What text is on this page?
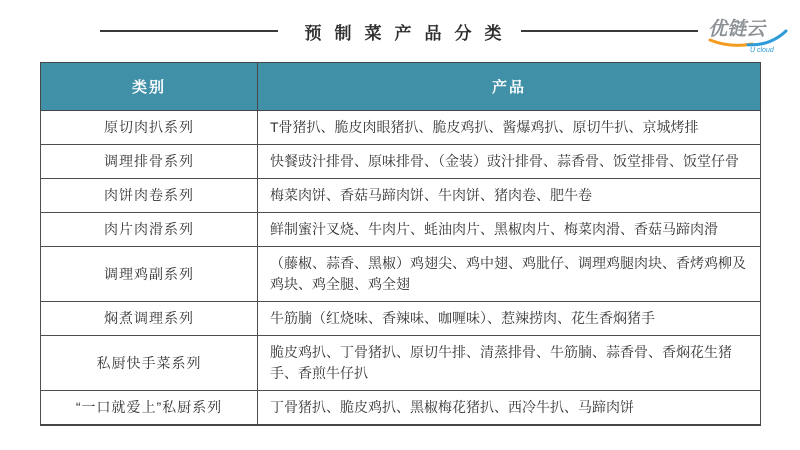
预制菜产品分类	优链云
U cloud
类别	产品
原切肉扒系列	T骨猪扒、脆皮肉眼猪扒、脆皮鸡扒、酱爆鸡扒、原切牛扒、京城烤排
调理排骨系列	快餐豉汁排骨、原味排骨、（金装）豉汁排骨、蒜香骨、饭堂排骨、饭堂仔骨
肉饼肉卷系列	梅菜肉饼、香菇马蹄肉饼、牛肉饼、猪肉卷、肥牛卷
肉片肉滑系列	鲜制蜜汁叉烧、牛肉片、蚝油肉片、黑椒肉片、梅菜肉滑、香菇马蹄肉滑
调理鸡副系列	（藤椒、蒜香、黑椒）鸡翅尖、鸡中翅、鸡肶仔、调理鸡腿肉块、香烤鸡柳及鸡块、鸡全腿、鸡全翅
焖煮调理系列	牛筋腩（红烧味、香辣味、咖喱味）、惹辣捞肉、花生香焖猪手
私厨快手菜系列	脆皮鸡扒、丁骨猪扒、原切牛排、清蒸排骨、牛筋腩、蒜香骨、香焖花生猪手、香煎牛仔扒
“一口就爱上”私厨系列	丁骨猪扒、脆皮鸡扒、黑椒梅花猪扒、西冷牛扒、马蹄肉饼
